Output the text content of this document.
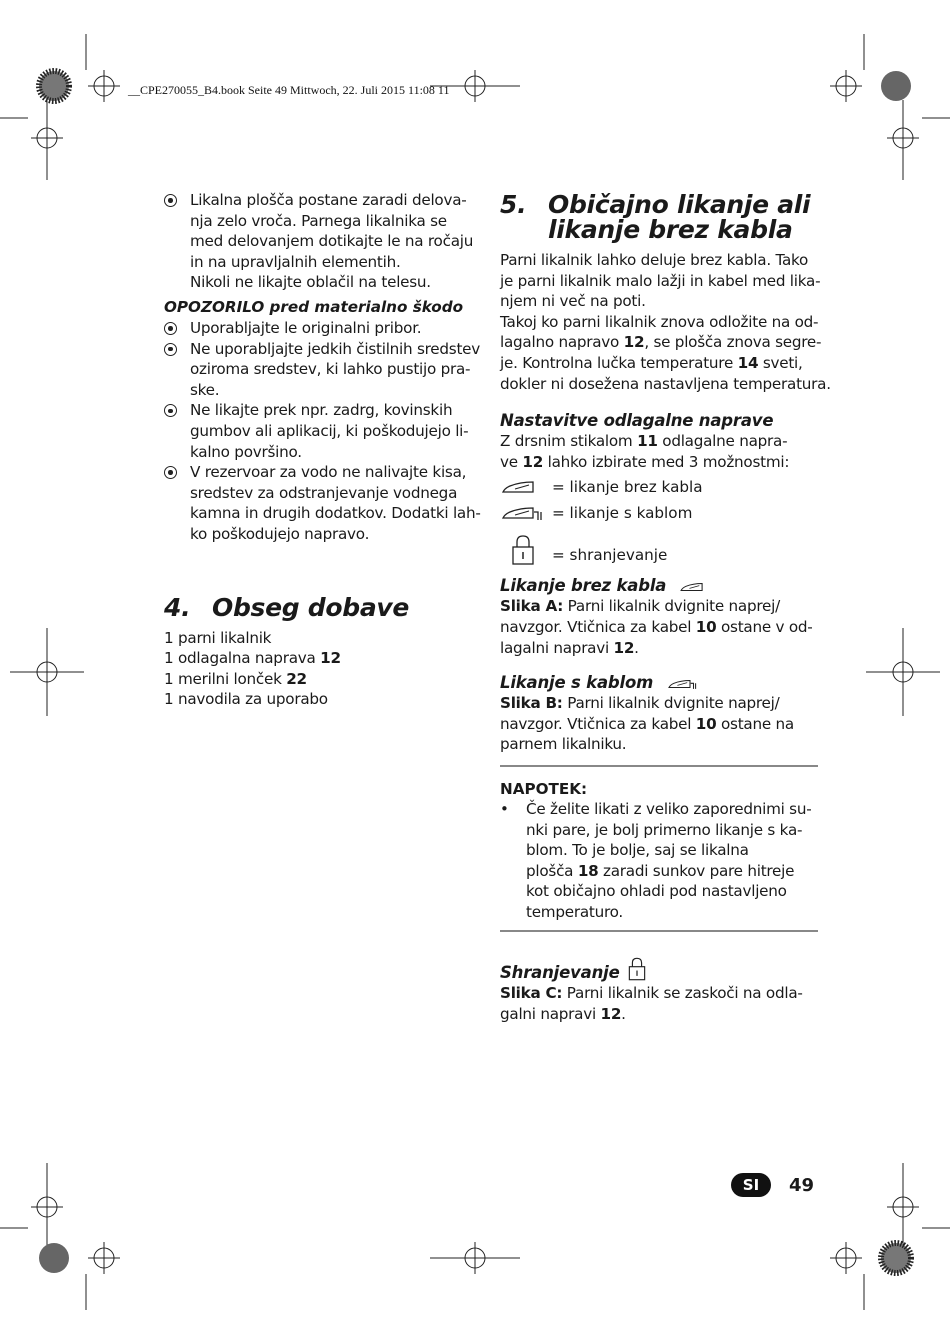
__CPE270055_B4.book Seite 49 Mittwoch, 22. Juli 2015 11:08 11
Likalna plošča postane zaradi delova-
nja zelo vroča. Parnega likalnika se
med delovanjem dotikajte le na ročaju
in na upravljalnih elementih.
Nikoli ne likajte oblačil na telesu.

OPOZORILO pred materialno škodo

Uporabljajte le originalni pribor.
Ne uporabljajte jedkih čistilnih sredstev
oziroma sredstev, ki lahko pustijo pra-
ske.
Ne likajte prek npr. zadrg, kovinskih
gumbov ali aplikacij, ki poškodujejo li-
kalno površino.
V rezervoar za vodo ne nalivajte kisa,
sredstev za odstranjevanje vodnega
kamna in drugih dodatkov. Dodatki lah-
ko poškodujejo napravo.
4. Obseg dobave
1 parni likalnik
1 odlagalna naprava 12
1 merilni lonček 22
1 navodila za uporabo
5. Običajno likanje ali
likanje brez kabla
Parni likalnik lahko deluje brez kabla. Tako
je parni likalnik malo lažji in kabel med lika-
njem ni več na poti.
Takoj ko parni likalnik znova odložite na od-
lagalno napravo 12, se plošča znova segre-
je. Kontrolna lučka temperature 14 sveti,
dokler ni dosežena nastavljena temperatura.

Nastavitve odlagalne naprave

Z drsnim stikalom 11 odlagalne napra-
ve 12 lahko izbirate med 3 možnostmi:
= likanje brez kabla
= likanje s kablom
= shranjevanje

Likanje brez kabla

Slika A: Parni likalnik dvignite naprej/
navzgor. Vtičnica za kabel 10 ostane v od-
lagalni napravi 12.

Likanje s kablom

Slika B: Parni likalnik dvignite naprej/
navzgor. Vtičnica za kabel 10 ostane na
parnem likalniku.

NAPOTEK:

• Če želite likati z veliko zaporednimi su-
nki pare, je bolj primerno likanje s ka-
blom. To je bolje, saj se likalna
plošča 18 zaradi sunkov pare hitreje
kot običajno ohladi pod nastavljeno
temperaturo.

Shranjevanje

Slika C: Parni likalnik se zaskoči na odla-
galni napravi 12.
SI	49
